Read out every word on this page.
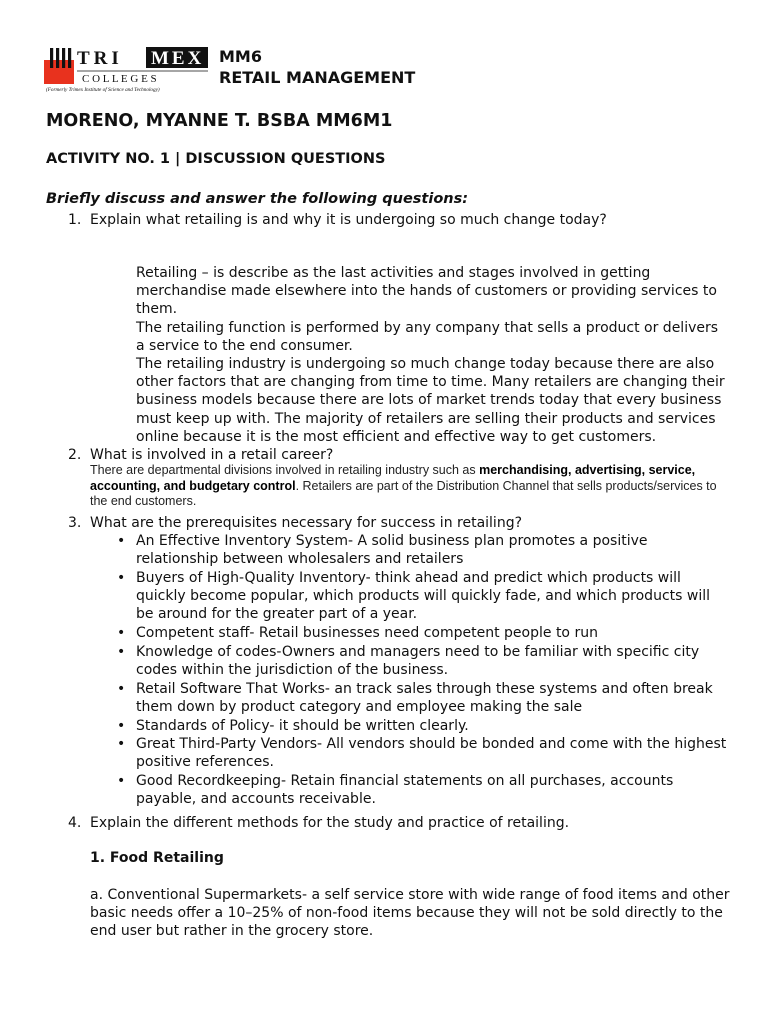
TRI MEX
C O L L E G E S
(Formerly Trimex Institute of Science and Technology)
MM6
RETAIL MANAGEMENT
MORENO, MYANNE T. BSBA MM6M1
ACTIVITY NO. 1 | DISCUSSION QUESTIONS
Briefly discuss and answer the following questions:
1. Explain what retailing is and why it is undergoing so much change today?

Retailing – is describe as the last activities and stages involved in getting merchandise made elsewhere into the hands of customers or providing services to them.

The retailing function is performed by any company that sells a product or delivers a service to the end consumer.

The retailing industry is undergoing so much change today because there are also other factors that are changing from time to time. Many retailers are changing their business models because there are lots of market trends today that every business must keep up with. The majority of retailers are selling their products and services online because it is the most efficient and effective way to get customers.

2. What is involved in a retail career?
There are departmental divisions involved in retailing industry such as merchandising, advertising, service, accounting, and budgetary control. Retailers are part of the Distribution Channel that sells products/services to the end customers.
3. What are the prerequisites necessary for success in retailing?
• An Effective Inventory System- A solid business plan promotes a positive relationship between wholesalers and retailers
• Buyers of High-Quality Inventory- think ahead and predict which products will quickly become popular, which products will quickly fade, and which products will be around for the greater part of a year.
• Competent staff- Retail businesses need competent people to run
• Knowledge of codes-Owners and managers need to be familiar with specific city codes within the jurisdiction of the business.
• Retail Software That Works- an track sales through these systems and often break them down by product category and employee making the sale
• Standards of Policy- it should be written clearly.
• Great Third-Party Vendors- All vendors should be bonded and come with the highest positive references.
• Good Recordkeeping- Retain financial statements on all purchases, accounts payable, and accounts receivable.
4. Explain the different methods for the study and practice of retailing.
1. Food Retailing
a. Conventional Supermarkets- a self service store with wide range of food items and other basic needs offer a 10–25% of non-food items because they will not be sold directly to the end user but rather in the grocery store.
